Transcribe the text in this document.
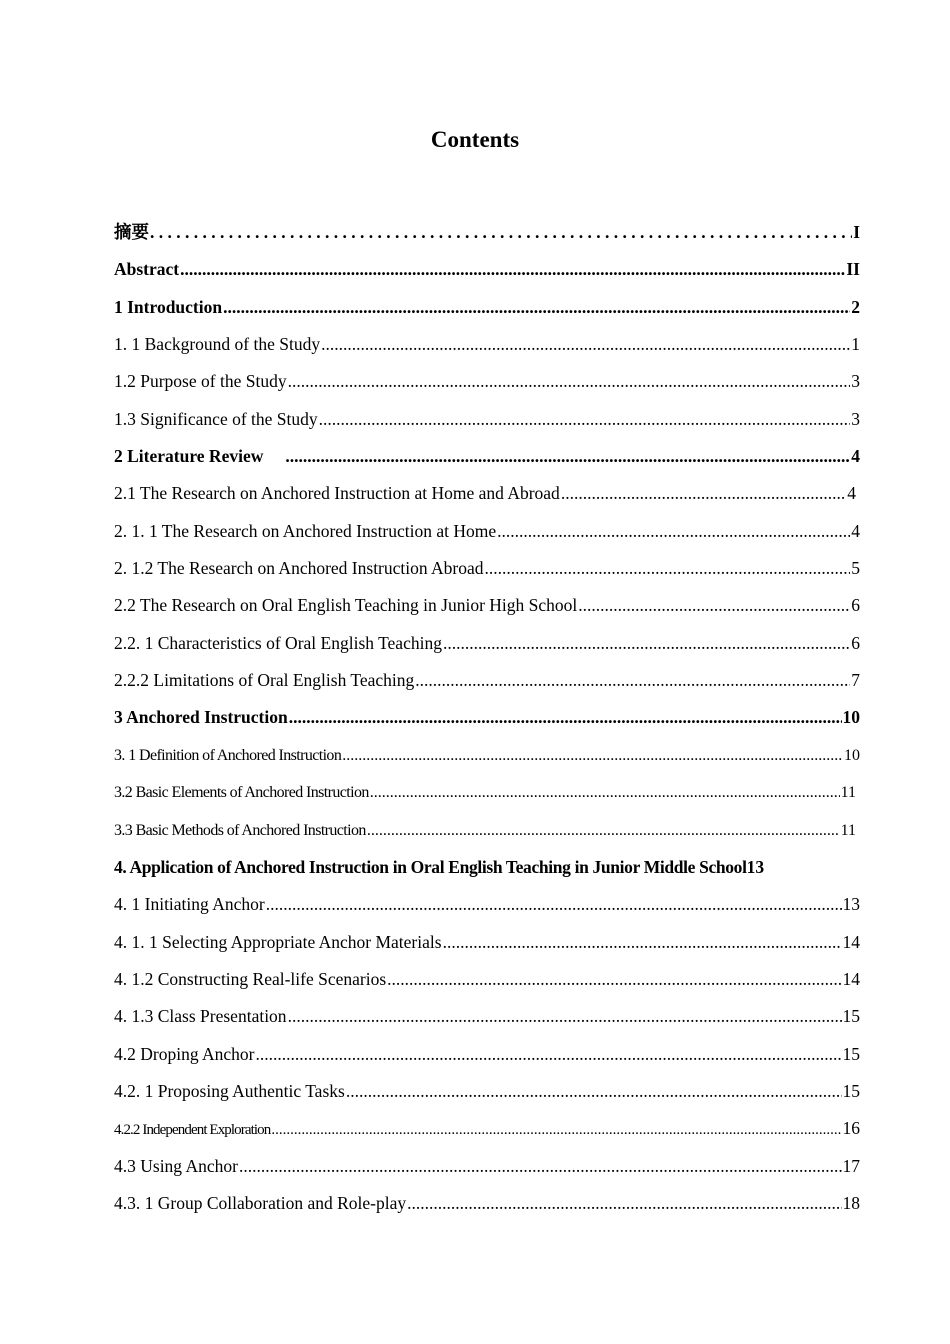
Contents
摘要 . . .	I
Abstract .....	II
1 Introduction .....	2
1. 1 Background of the Study .....	1
1.2 Purpose of the Study .....	3
1.3 Significance of the Study .....	3
2 Literature Review .....	4
2.1 The Research on Anchored Instruction at Home and Abroad .....	4
2. 1. 1 The Research on Anchored Instruction at Home .....	4
2. 1.2 The Research on Anchored Instruction Abroad .....	5
2.2 The Research on Oral English Teaching in Junior High School .....	6
2.2. 1 Characteristics of Oral English Teaching .....	6
2.2.2 Limitations of Oral English Teaching .....	7
3 Anchored Instruction .....	10
3. 1 Definition of Anchored Instruction .....	10
3.2 Basic Elements of Anchored Instruction .....	11
3.3 Basic Methods of Anchored Instruction .....	11
4. Application of Anchored Instruction in Oral English Teaching in Junior Middle School 13
4. 1 Initiating Anchor .....	13
4. 1. 1 Selecting Appropriate Anchor Materials .....	14
4. 1.2 Constructing Real-life Scenarios .....	14
4. 1.3 Class Presentation .....	15
4.2 Droping Anchor .....	15
4.2. 1 Proposing Authentic Tasks .....	15
4.2.2 Independent Exploration .....	16
4.3 Using Anchor .....	17
4.3. 1 Group Collaboration and Role-play .....	18
